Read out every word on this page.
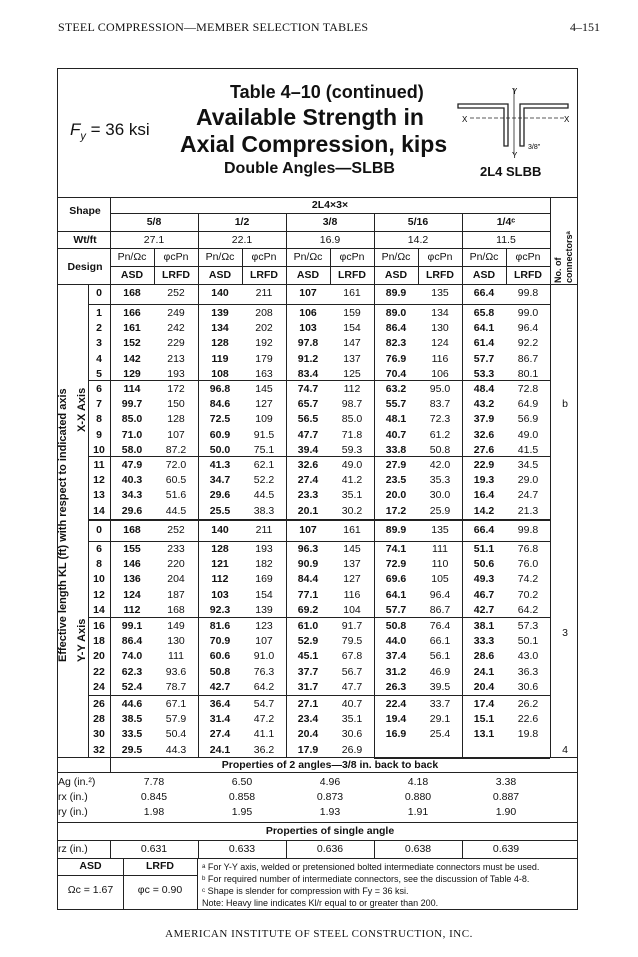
STEEL COMPRESSION—MEMBER SELECTION TABLES	4–151
$F_y = 36$ ksi
Table 4–10 (continued)
Available Strength in
Axial Compression, kips
Double Angles—SLBB	2L4 SLBB
Y
X	X
Y
3/8"
Shape	2L4×3×
5/8	1/2	3/8	5/16	1/4ᶜ
Wt/ft	27.1	22.1	16.9	14.2	11.5
Design
Pn/Ωc	φcPn	Pn/Ωc	φcPn	Pn/Ωc	φcPn	Pn/Ωc	φcPn	Pn/Ωc	φcPn
ASD	LRFD	ASD	LRFD	ASD	LRFD	ASD	LRFD	ASD	LRFD	No. of connectorsᵃ
Effective length KL (ft) with respect to indicated axis X-X Axis
Y-Y Axis
0	168	252	140	211	107	161	89.9	135	66.4	99.8
1	166	249	139	208	106	159	89.0	134	65.8	99.0
2	161	242	134	202	103	154	86.4	130	64.1	96.4
3	152	229	128	192	97.8	147	82.3	124	61.4	92.2
4	142	213	119	179	91.2	137	76.9	116	57.7	86.7
5	129	193	108	163	83.4	125	70.4	106	53.3	80.1
6	114	172	96.8	145	74.7	112	63.2	95.0	48.4	72.8
7	99.7	150	84.6	127	65.7	98.7	55.7	83.7	43.2	64.9
8	85.0	128	72.5	109	56.5	85.0	48.1	72.3	37.9	56.9
9	71.0	107	60.9	91.5	47.7	71.8	40.7	61.2	32.6	49.0
10	58.0	87.2	50.0	75.1	39.4	59.3	33.8	50.8	27.6	41.5
11	47.9	72.0	41.3	62.1	32.6	49.0	27.9	42.0	22.9	34.5
12	40.3	60.5	34.7	52.2	27.4	41.2	23.5	35.3	19.3	29.0
13	34.3	51.6	29.6	44.5	23.3	35.1	20.0	30.0	16.4	24.7
14	29.6	44.5	25.5	38.3	20.1	30.2	17.2	25.9	14.2	21.3
0	168	252	140	211	107	161	89.9	135	66.4	99.8
6	155	233	128	193	96.3	145	74.1	111	51.1	76.8
8	146	220	121	182	90.9	137	72.9	110	50.6	76.0
10	136	204	112	169	84.4	127	69.6	105	49.3	74.2
12	124	187	103	154	77.1	116	64.1	96.4	46.7	70.2
14	112	168	92.3	139	69.2	104	57.7	86.7	42.7	64.2
16	99.1	149	81.6	123	61.0	91.7	50.8	76.4	38.1	57.3
18	86.4	130	70.9	107	52.9	79.5	44.0	66.1	33.3	50.1
20	74.0	111	60.6	91.0	45.1	67.8	37.4	56.1	28.6	43.0
22	62.3	93.6	50.8	76.3	37.7	56.7	31.2	46.9	24.1	36.3
24	52.4	78.7	42.7	64.2	31.7	47.7	26.3	39.5	20.4	30.6
26	44.6	67.1	36.4	54.7	27.1	40.7	22.4	33.7	17.4	26.2
28	38.5	57.9	31.4	47.2	23.4	35.1	19.4	29.1	15.1	22.6
30	33.5	50.4	27.4	41.1	20.4	30.6	16.9	25.4	13.1	19.8
32	29.5	44.3	24.1	36.2	17.9	26.9
b
3
4
Properties of 2 angles—3/8 in. back to back
Ag (in.²)	7.78	6.50	4.96	4.18	3.38
rx (in.)	0.845	0.858	0.873	0.880	0.887
ry (in.)	1.98	1.95	1.93	1.91	1.90
Properties of single angle
rz (in.)	0.631	0.633	0.636	0.638	0.639
ASD	LRFD
Ωc = 1.67	φc = 0.90
ᵃ For Y-Y axis, welded or pretensioned bolted intermediate connectors must be used.
ᵇ For required number of intermediate connectors, see the discussion of Table 4-8.
ᶜ Shape is slender for compression with Fy = 36 ksi.
Note: Heavy line indicates Kl/r equal to or greater than 200.
AMERICAN INSTITUTE OF STEEL CONSTRUCTION, INC.
